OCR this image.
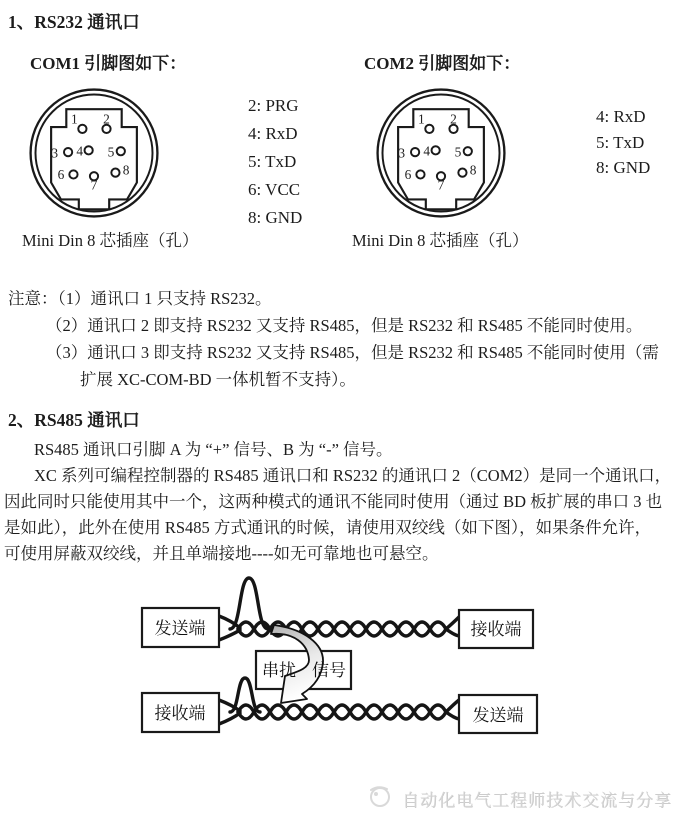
1、RS232 通讯口
COM1 引脚图如下：	COM2 引脚图如下：
1 2
3 4 5
6
7
8
1 2
3 4 5
6
7
8
2: PRG
4: RxD
5: TxD
6: VCC
8: GND
4: RxD
5: TxD
8: GND
Mini Din 8 芯插座（孔）	Mini Din 8 芯插座（孔）
注意：（1）通讯口 1 只支持 RS232。
（2）通讯口 2 即支持 RS232 又支持 RS485，但是 RS232 和 RS485 不能同时使用。
（3）通讯口 3 即支持 RS232 又支持 RS485，但是 RS232 和 RS485 不能同时使用（需
扩展 XC-COM-BD 一体机暂不支持）。
2、RS485 通讯口
RS485 通讯口引脚 A 为 “+” 信号、B 为 “-” 信号。
XC 系列可编程控制器的 RS485 通讯口和 RS232 的通讯口 2（COM2）是同一个通讯口，
因此同时只能使用其中一个，这两种模式的通讯不能同时使用（通过 BD 板扩展的串口 3 也
是如此），此外在使用 RS485 方式通讯的时候，请使用双绞线（如下图），如果条件允许，
可使用屏蔽双绞线，并且单端接地----如无可靠地也可悬空。
发送端	接收端
串扰 信号
接收端	发送端
自动化电气工程师技术交流与分享
